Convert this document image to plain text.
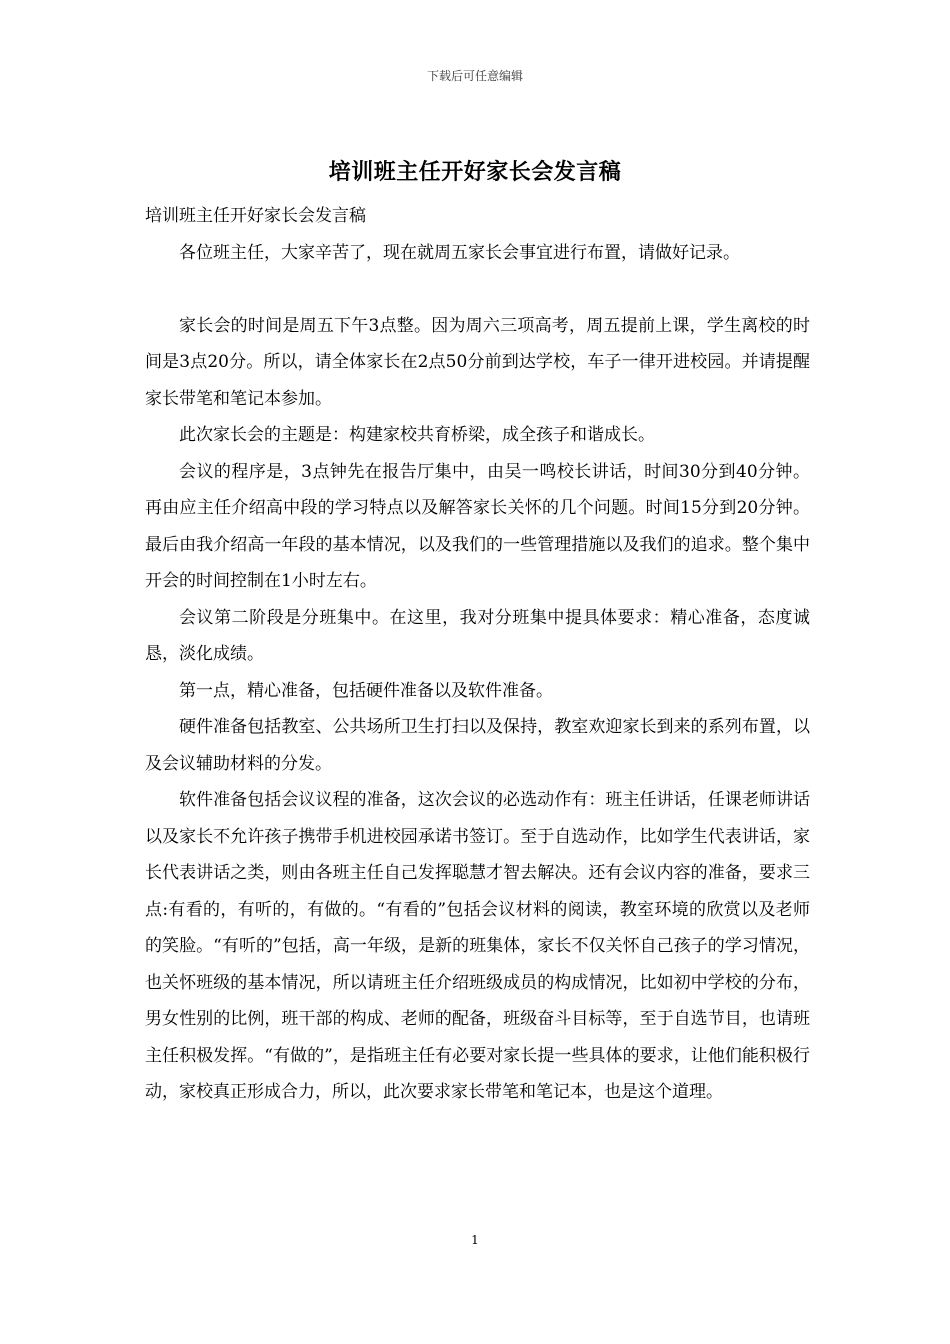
下载后可任意编辑
培训班主任开好家长会发言稿

培训班主任开好家长会发言稿

各位班主任，大家辛苦了，现在就周五家长会事宜进行布置，请做好记录。

家长会的时间是周五下午3点整。因为周六三项高考，周五提前上课，学生离校的时间是3点20分。所以，请全体家长在2点50分前到达学校，车子一律开进校园。并请提醒家长带笔和笔记本参加。

此次家长会的主题是：构建家校共育桥梁，成全孩子和谐成长。

会议的程序是，3点钟先在报告厅集中，由吴一鸣校长讲话，时间30分到40分钟。再由应主任介绍高中段的学习特点以及解答家长关怀的几个问题。时间15分到20分钟。最后由我介绍高一年段的基本情况，以及我们的一些管理措施以及我们的追求。整个集中开会的时间控制在1小时左右。

会议第二阶段是分班集中。在这里，我对分班集中提具体要求：精心准备，态度诚恳，淡化成绩。

第一点，精心准备，包括硬件准备以及软件准备。

硬件准备包括教室、公共场所卫生打扫以及保持，教室欢迎家长到来的系列布置，以及会议辅助材料的分发。

软件准备包括会议议程的准备，这次会议的必选动作有：班主任讲话，任课老师讲话以及家长不允许孩子携带手机进校园承诺书签订。至于自选动作，比如学生代表讲话，家长代表讲话之类，则由各班主任自己发挥聪慧才智去解决。还有会议内容的准备，要求三点:有看的，有听的，有做的。“有看的”包括会议材料的阅读，教室环境的欣赏以及老师的笑脸。“有听的”包括，高一年级，是新的班集体，家长不仅关怀自己孩子的学习情况，也关怀班级的基本情况，所以请班主任介绍班级成员的构成情况，比如初中学校的分布，男女性别的比例，班干部的构成、老师的配备，班级奋斗目标等，至于自选节目，也请班主任积极发挥。“有做的”，是指班主任有必要对家长提一些具体的要求，让他们能积极行动，家校真正形成合力，所以，此次要求家长带笔和笔记本，也是这个道理。

1
